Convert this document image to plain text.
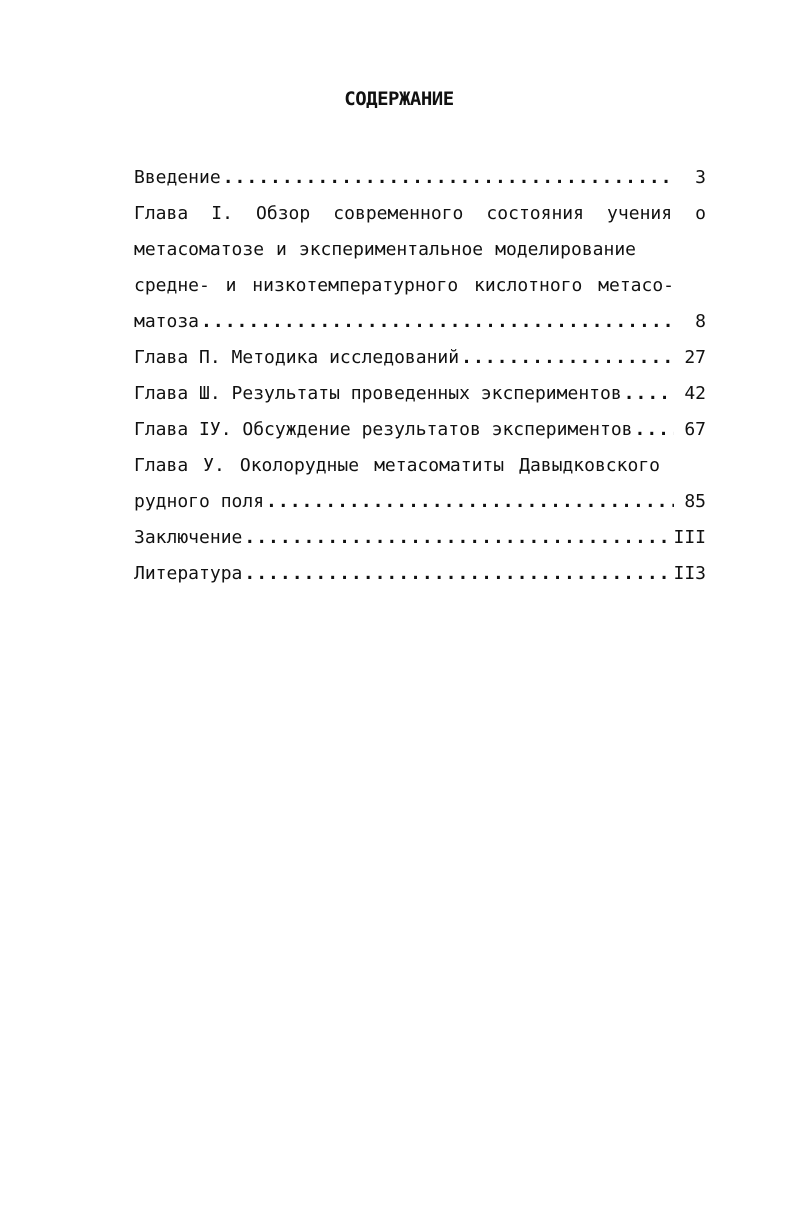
СОДЕРЖАНИЕ
Введение .....	3
Глава I. Обзор современного состояния учения о
метасоматозе и экспериментальное моделирование
средне- и низкотемпературного кислотного метасо-
матоза .....	8
Глава П. Методика исследований .....	27
Глава Ш. Результаты проведенных экспериментов .....	42
Глава IУ. Обсуждение результатов экспериментов .....	67
Глава У. Околорудные метасоматиты Давыдковского
рудного поля .....	85
Заключение .....	III
Литература .....	II3
